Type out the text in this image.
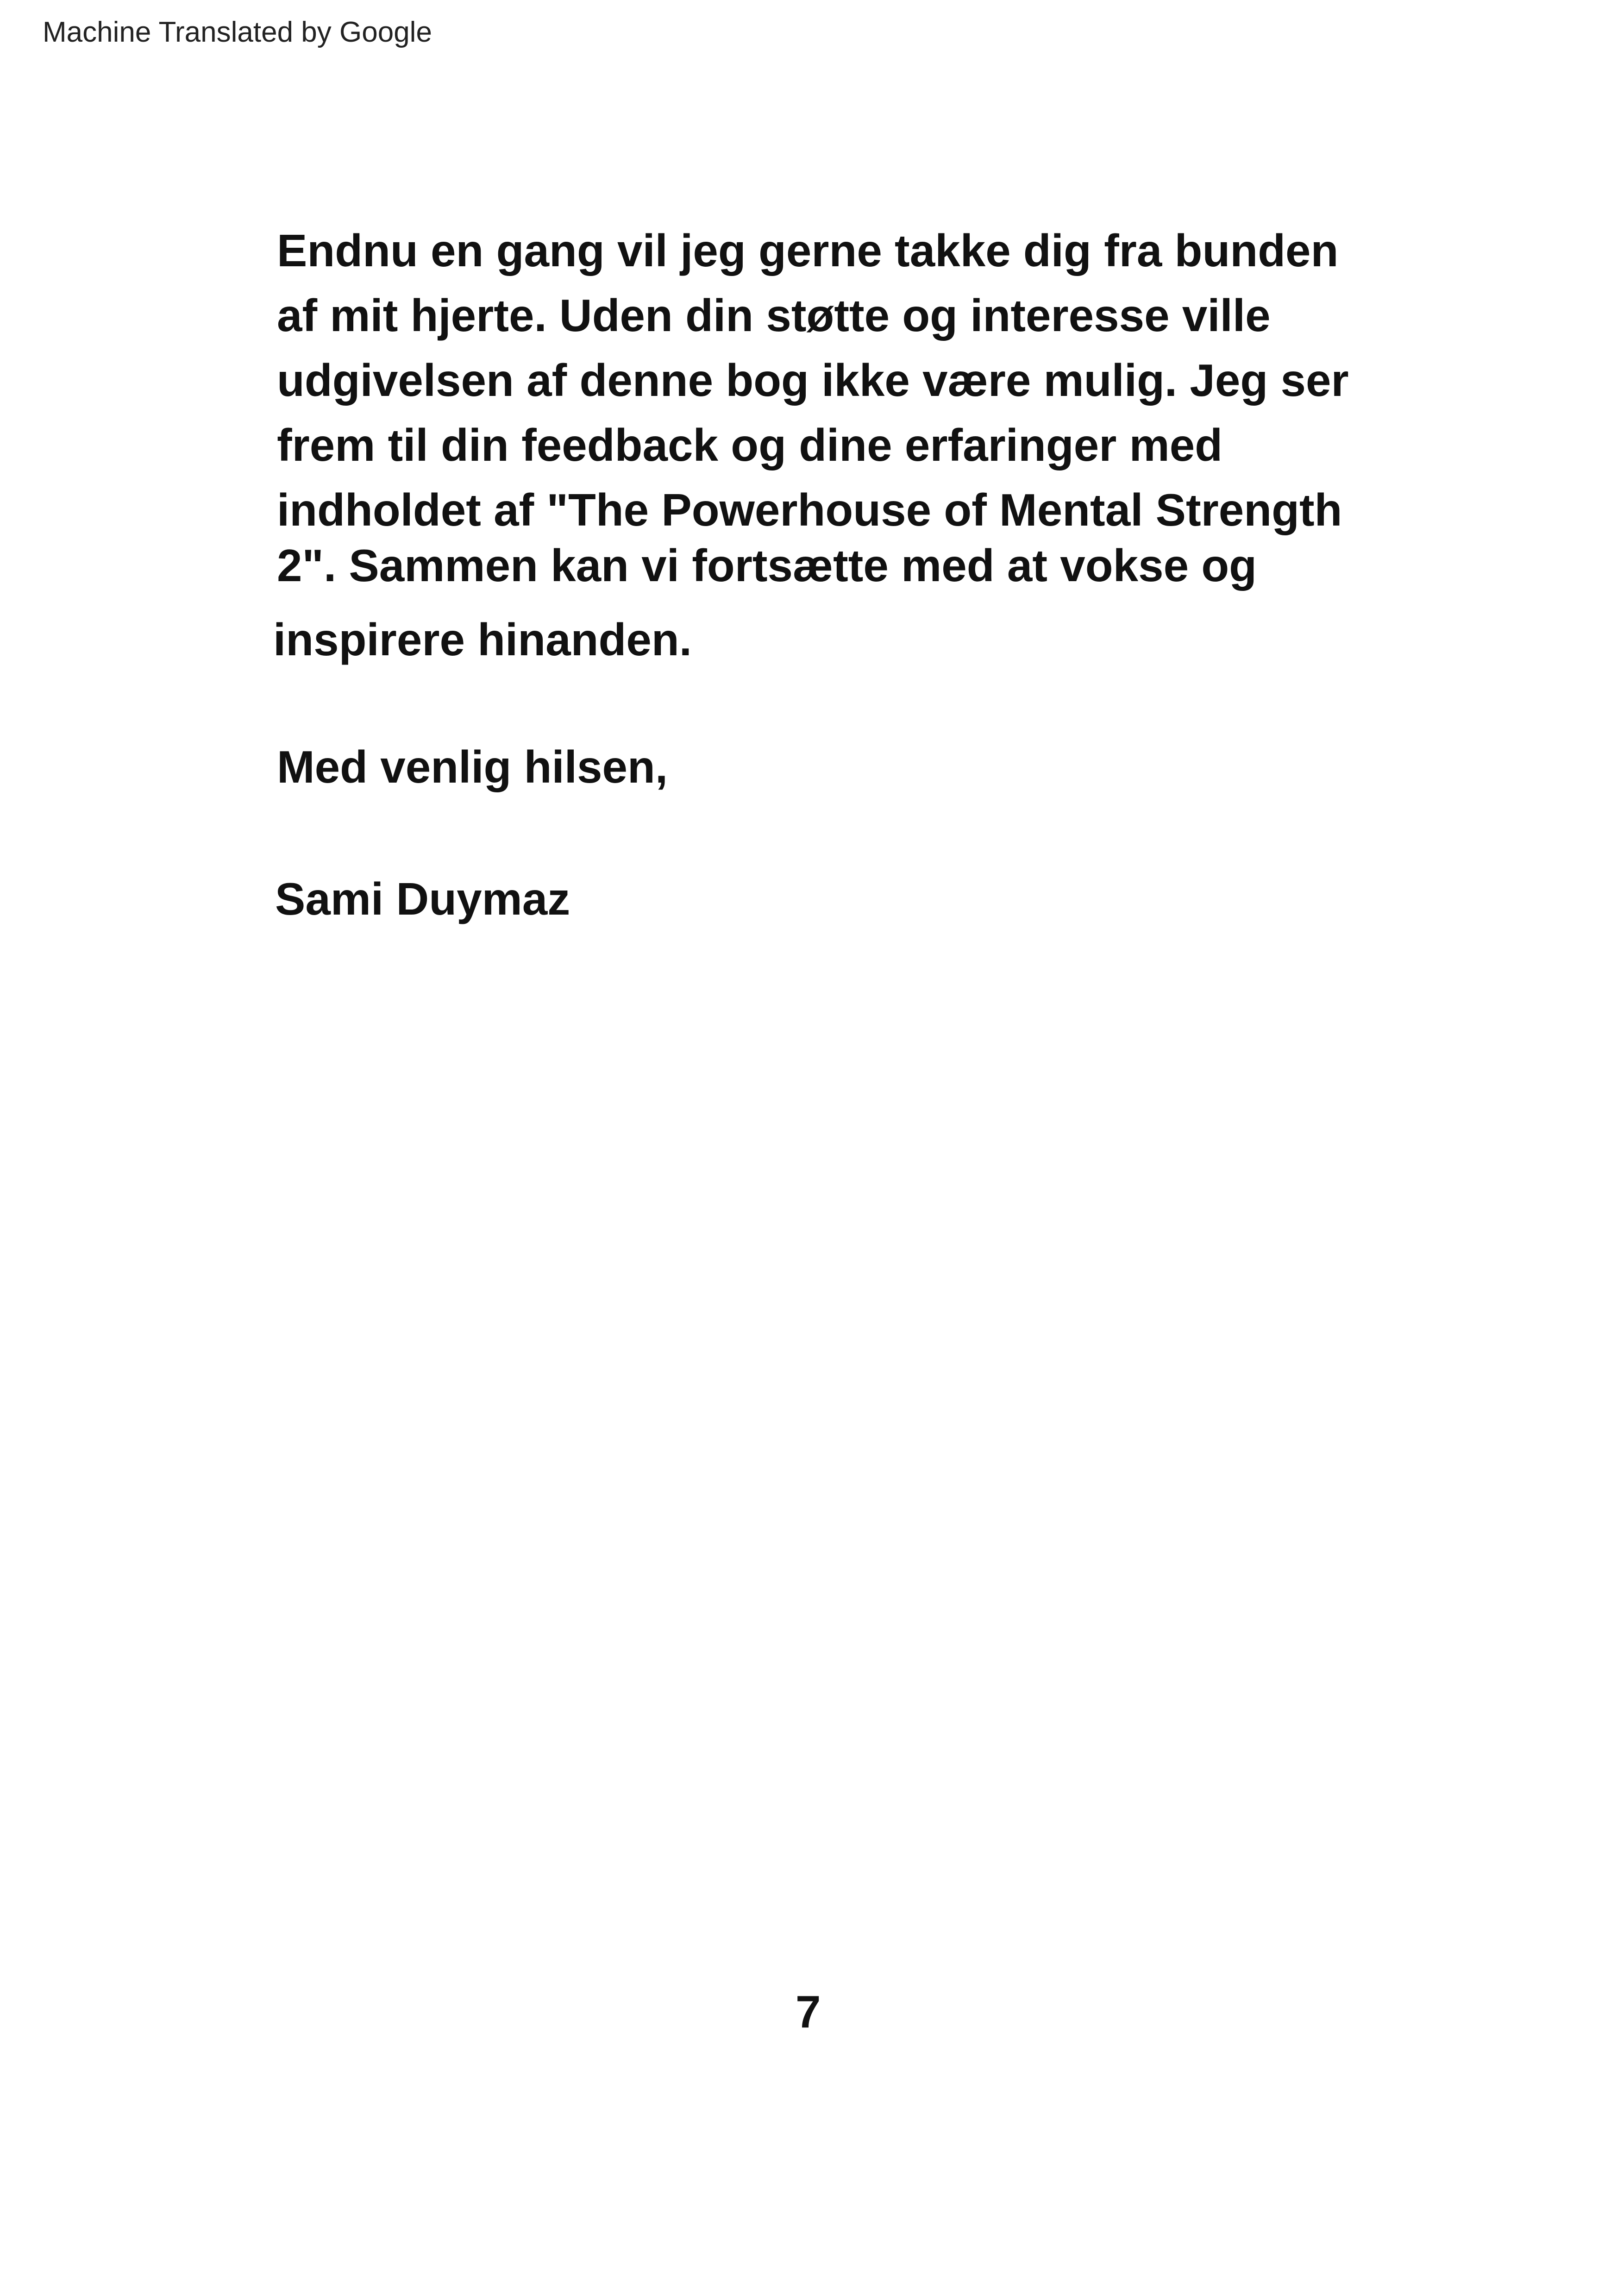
Machine Translated by Google
Endnu en gang vil jeg gerne takke dig fra bunden
af mit hjerte. Uden din støtte og interesse ville
udgivelsen af denne bog ikke være mulig. Jeg ser
frem til din feedback og dine erfaringer med
indholdet af "The Powerhouse of Mental Strength
2". Sammen kan vi fortsætte med at vokse og
inspirere hinanden.
Med venlig hilsen,
Sami Duymaz
7
